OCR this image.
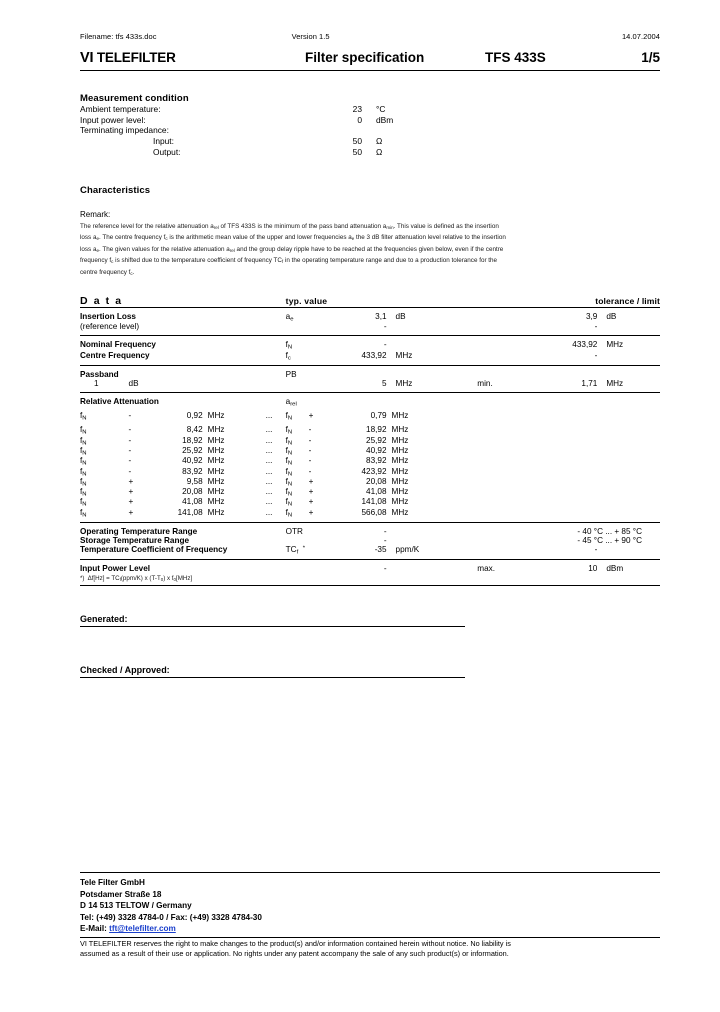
Filename: tfs 433s.doc	Version 1.5	14.07.2004
VI TELEFILTER	Filter specification	TFS 433S	1/5
Measurement condition
Ambient temperature:	23	°C
Input power level:	0	dBm
Terminating impedance:		
Input:	50	Ω
Output:	50	Ω
Characteristics
Remark:
The reference level for the relative attenuation $a_{rel}$ of TFS 433S is the minimum of the pass band attenuation $a_{min}$. This value is defined as the insertion
loss $a_e$. The centre frequency $f_c$ is the arithmetic mean value of the upper and lower frequencies $a_e$ the 3 dB filter attenuation level relative to the insertion
loss $a_e$. The given values for the relative attenuation $a_{rel}$ and the group delay ripple have to be reached at the frequencies given below, even if the centre
frequency $f_c$ is shifted due to the temperature coefficient of frequency $TC_f$ in the operating temperature range and due to a production tolerance for the
centre frequency $f_c$.
D a t a					typ. value				tolerance / limit		

Insertion Loss					$a_e$		3,1	dB		3,9	dB
(reference level)							-			-	

Nominal Frequency					$f_N$		-			433,92	MHz
Centre Frequency					$f_c$		433,92	MHz		-	

Passband					PB						
1	dB						5	MHz	min.	1,71	MHz

Relative Attenuation					$a_{rel}$					

$f_N$	-	0,92	MHz	...	$f_N$	+	0,79	MHz			

$f_N$	-	8,42	MHz	...	$f_N$	-	18,92	MHz			
$f_N$	-	18,92	MHz	...	$f_N$	-	25,92	MHz			
$f_N$	-	25,92	MHz	...	$f_N$	-	40,92	MHz			
$f_N$	-	40,92	MHz	...	$f_N$	-	83,92	MHz			
$f_N$	-	83,92	MHz	...	$f_N$	-	423,92	MHz			
$f_N$	+	9,58	MHz	...	$f_N$	+	20,08	MHz			
$f_N$	+	20,08	MHz	...	$f_N$	+	41,08	MHz			
$f_N$	+	41,08	MHz	...	$f_N$	+	141,08	MHz			
$f_N$	+	141,08	MHz	...	$f_N$	+	566,08	MHz			

Operating Temperature Range					OTR		-			- 40 °C ... + 85 °C	
Storage Temperature Range							-			- 45 °C ... + 90 °C	
Temperature Coefficient of Frequency					$TC_f$  *		-35	ppm/K		-	

Input Power Level							-		max.	10	dBm
*)  $\Delta f[Hz] = TC_f(ppm/K)$ x $(T-T_0)$ x $f_0[MHz]$
Generated:
Checked / Approved:
Tele Filter GmbH
Potsdamer Straße 18
D 14 513 TELTOW / Germany
Tel: (+49) 3328 4784-0 / Fax: (+49) 3328 4784-30
E-Mail: tft@telefilter.com
VI TELEFILTER reserves the right to make changes to the product(s) and/or information contained herein without notice. No liability is
assumed as a result of their use or application. No rights under any patent accompany the sale of any such product(s) or information.
